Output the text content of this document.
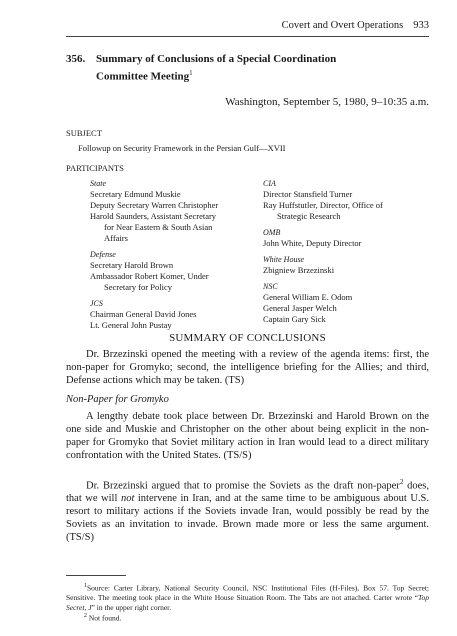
Covert and Overt Operations 933
356. Summary of Conclusions of a Special Coordination
Committee Meeting$^1$
Washington, September 5, 1980, 9–10:35 a.m.
SUBJECT
Followup on Security Framework in the Persian Gulf—XVII
PARTICIPANTS
State
Secretary Edmund Muskie
Deputy Secretary Warren Christopher
Harold Saunders, Assistant Secretary
for Near Eastern & South Asian
Affairs
Defense
Secretary Harold Brown
Ambassador Robert Komer, Under
Secretary for Policy
JCS
Chairman General David Jones
Lt. General John Pustay
CIA
Director Stansfield Turner
Ray Huffstutler, Director, Office of
Strategic Research
OMB
John White, Deputy Director
White House
Zbigniew Brzezinski
NSC
General William E. Odom
General Jasper Welch
Captain Gary Sick
SUMMARY OF CONCLUSIONS

Dr. Brzezinski opened the meeting with a review of the agenda items: first, the non-paper for Gromyko; second, the intelligence briefing for the Allies; and third, Defense actions which may be taken. (TS)

Non-Paper for Gromyko

A lengthy debate took place between Dr. Brzezinski and Harold Brown on the one side and Muskie and Christopher on the other about being explicit in the non-paper for Gromyko that Soviet military action in Iran would lead to a direct military confrontation with the United States. (TS/S)

Dr. Brzezinski argued that to promise the Soviets as the draft non-paper$^2$ does, that we will not intervene in Iran, and at the same time to be ambiguous about U.S. resort to military actions if the Soviets invade Iran, would possibly be read by the Soviets as an invitation to invade. Brown made more or less the same argument. (TS/S)

$^1$Source: Carter Library, National Security Council, NSC Institutional Files (H-Files), Box 57. Top Secret; Sensitive. The meeting took place in the White House Situation Room. The Tabs are not attached. Carter wrote “Top Secret, J” in the upper right corner.

$^2$ Not found.
